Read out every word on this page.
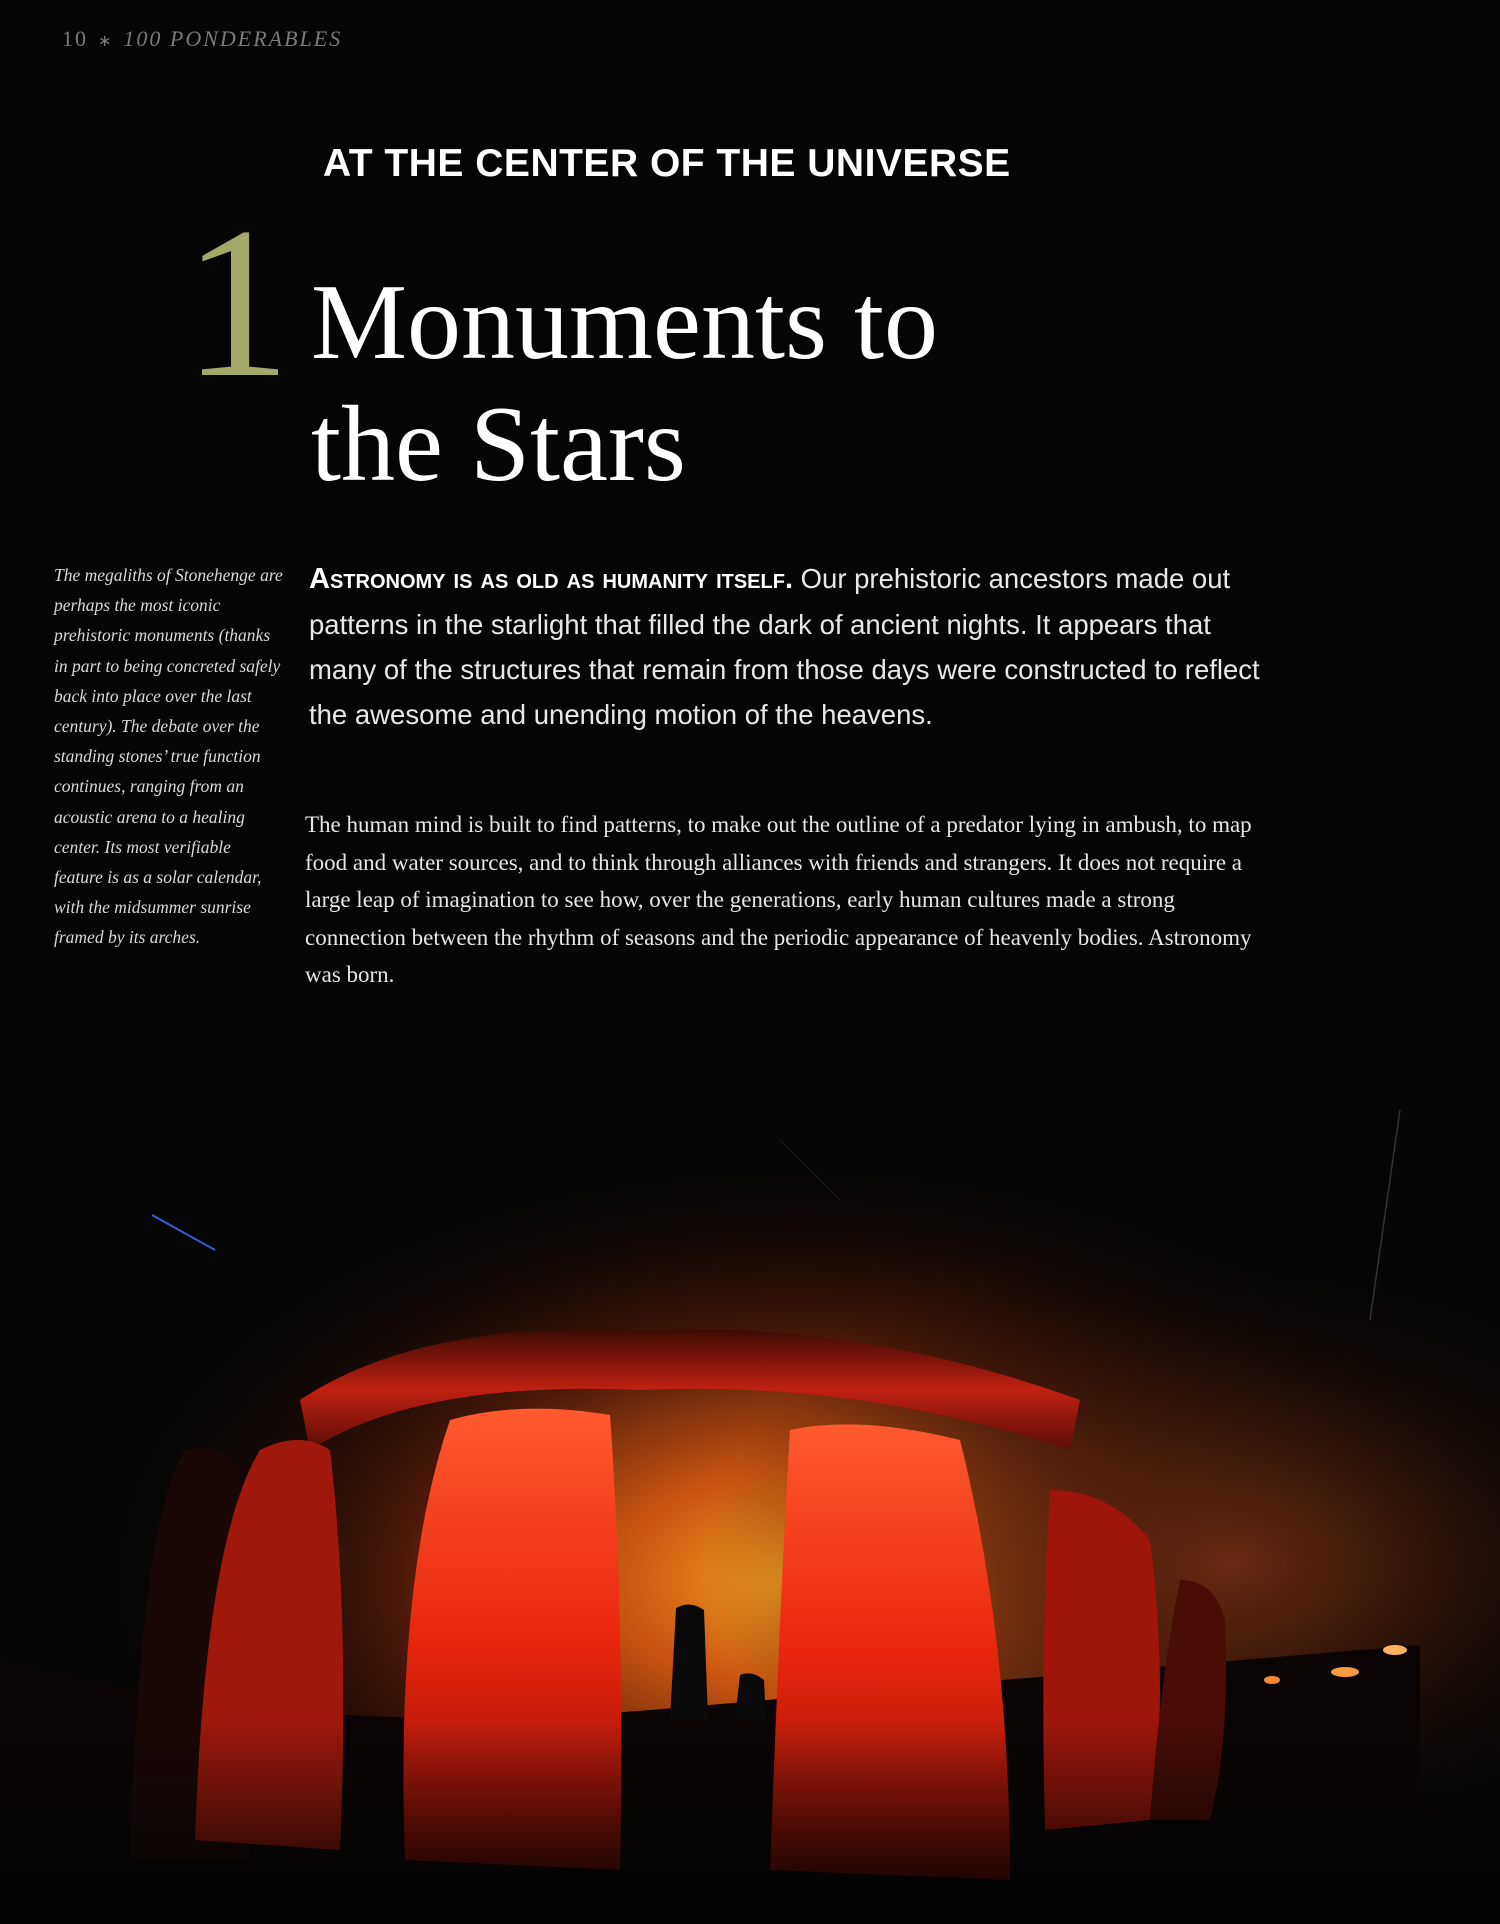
10 ∗ 100 PONDERABLES
AT THE CENTER OF THE UNIVERSE
1 Monuments to
the Stars
The megaliths of Stonehenge are perhaps the most iconic prehistoric monuments (thanks in part to being concreted safely back into place over the last century). The debate over the standing stones’ true function continues, ranging from an acoustic arena to a healing center. Its most verifiable feature is as a solar calendar, with the midsummer sunrise framed by its arches.
Astronomy is as old as humanity itself. Our prehistoric ancestors made out patterns in the starlight that filled the dark of ancient nights. It appears that many of the structures that remain from those days were constructed to reflect the awesome and unending motion of the heavens.
The human mind is built to find patterns, to make out the outline of a predator lying in ambush, to map food and water sources, and to think through alliances with friends and strangers. It does not require a large leap of imagination to see how, over the generations, early human cultures made a strong connection between the rhythm of seasons and the periodic appearance of heavenly bodies. Astronomy was born.
